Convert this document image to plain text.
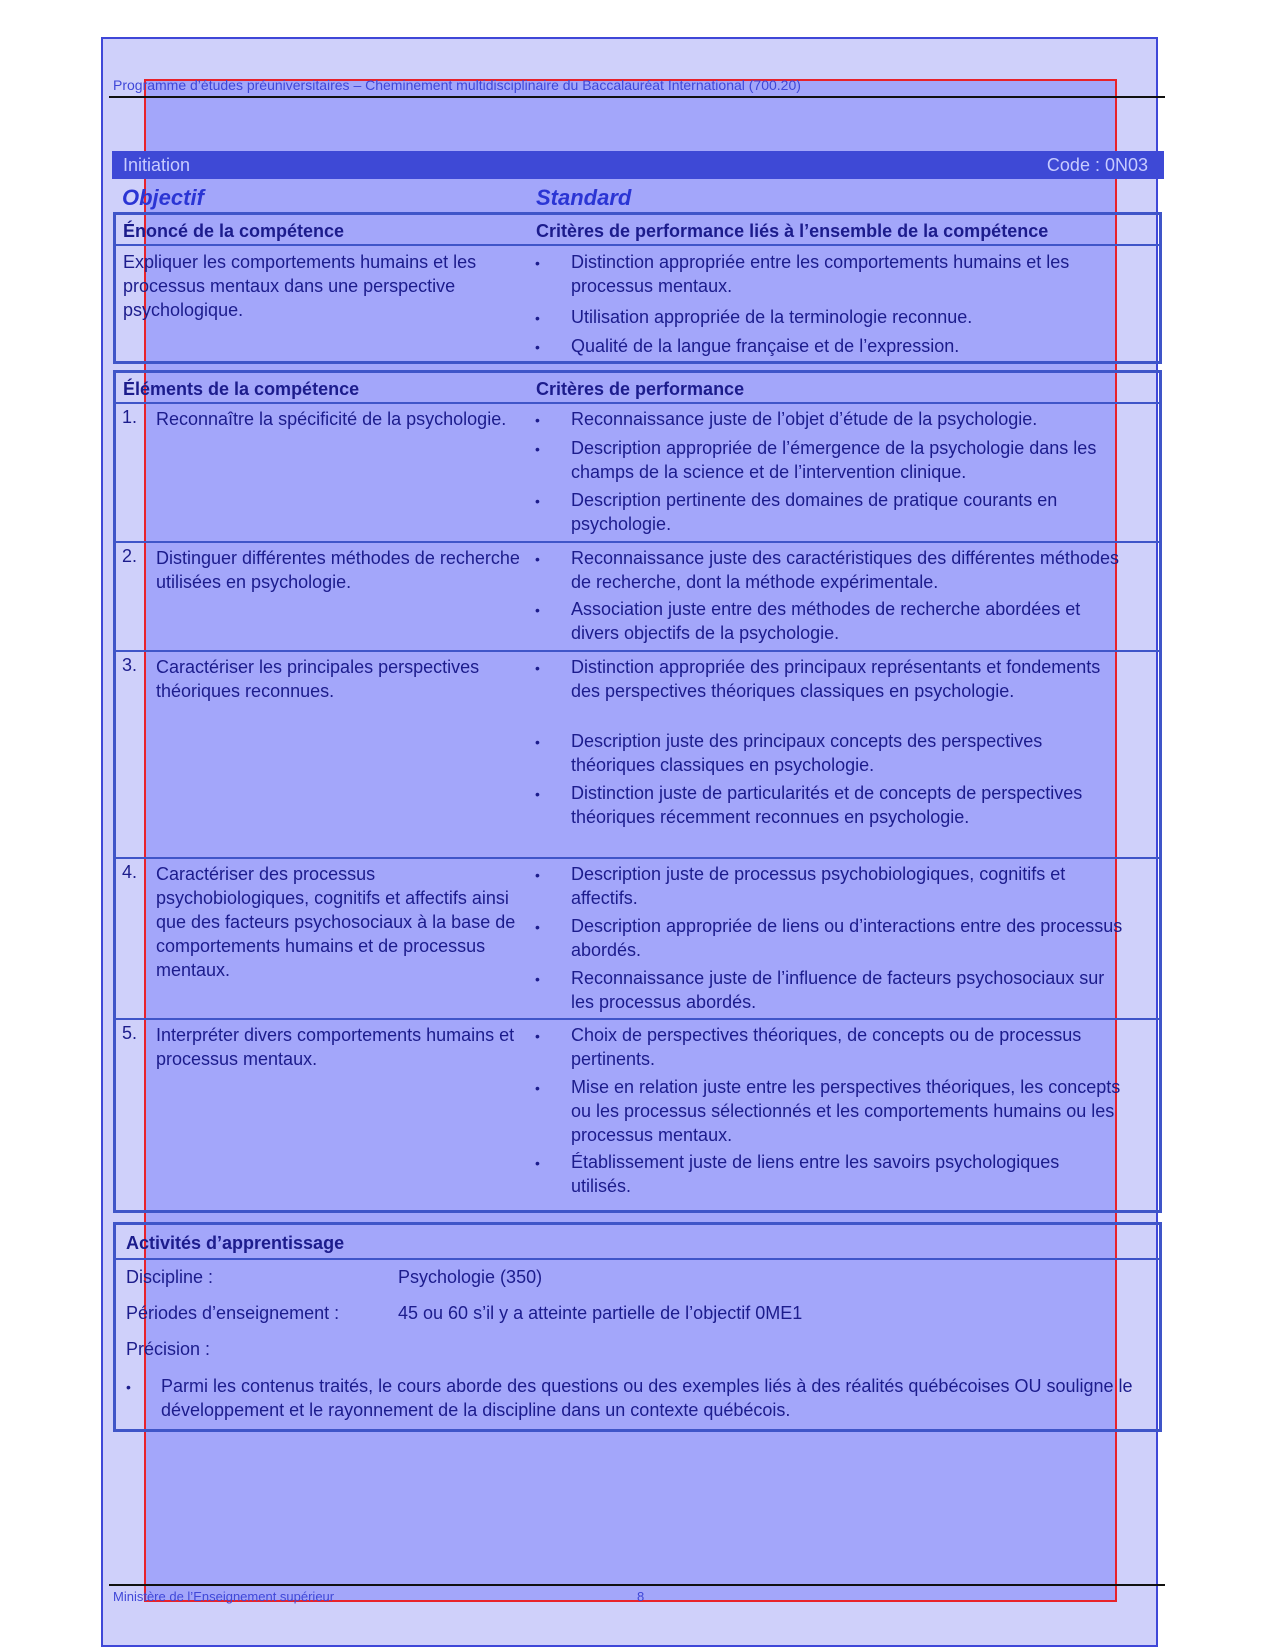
Programme d’études préuniversitaires – Cheminement multidisciplinaire du Baccalauréat International (700.20)
Initiation	Code : 0N03
Objectif	Standard
Énoncé de la compétence	Critères de performance liés à l’ensemble de la compétence
Expliquer les comportements humains et les processus mentaux dans une perspective psychologique.
• Distinction appropriée entre les comportements humains et les processus mentaux.
• Utilisation appropriée de la terminologie reconnue.
• Qualité de la langue française et de l’expression.
Éléments de la compétence	Critères de performance
1. Reconnaître la spécificité de la psychologie.	• Reconnaissance juste de l’objet d’étude de la psychologie.
• Description appropriée de l’émergence de la psychologie dans les champs de la science et de l’intervention clinique.
• Description pertinente des domaines de pratique courants en psychologie.
2. Distinguer différentes méthodes de recherche utilisées en psychologie.
• Reconnaissance juste des caractéristiques des différentes méthodes de recherche, dont la méthode expérimentale.
• Association juste entre des méthodes de recherche abordées et divers objectifs de la psychologie.
3. Caractériser les principales perspectives théoriques reconnues.
• Distinction appropriée des principaux représentants et fondements des perspectives théoriques classiques en psychologie.
• Description juste des principaux concepts des perspectives théoriques classiques en psychologie.
• Distinction juste de particularités et de concepts de perspectives théoriques récemment reconnues en psychologie.
4. Caractériser des processus psychobiologiques, cognitifs et affectifs ainsi que des facteurs psychosociaux à la base de comportements humains et de processus mentaux.
• Description juste de processus psychobiologiques, cognitifs et affectifs.
• Description appropriée de liens ou d’interactions entre des processus abordés.
• Reconnaissance juste de l’influence de facteurs psychosociaux sur les processus abordés.
5. Interpréter divers comportements humains et processus mentaux.
• Choix de perspectives théoriques, de concepts ou de processus pertinents.
• Mise en relation juste entre les perspectives théoriques, les concepts ou les processus sélectionnés et les comportements humains ou les processus mentaux.
• Établissement juste de liens entre les savoirs psychologiques utilisés.
Activités d’apprentissage
Discipline :	Psychologie (350)
Périodes d’enseignement :	45 ou 60 s’il y a atteinte partielle de l’objectif 0ME1
Précision :
• Parmi les contenus traités, le cours aborde des questions ou des exemples liés à des réalités québécoises OU souligne le développement et le rayonnement de la discipline dans un contexte québécois.
Ministère de l’Enseignement supérieur	8
